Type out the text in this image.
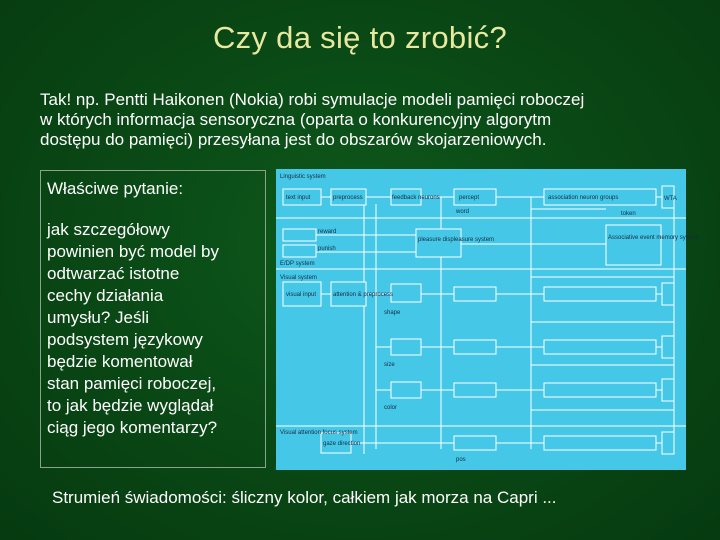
Czy da się to zrobić?
Tak! np. Pentti Haikonen (Nokia) robi symulacje modeli pamięci roboczej
w których informacja sensoryczna (oparta o konkurencyjny algorytm
dostępu do pamięci) przesyłana jest do obszarów skojarzeniowych.
Właściwe pytanie:
jak szczegółowy
powinien być model by
odtwarzać istotne
cechy działania
umysłu? Jeśli
podsystem językowy
będzie komentował
stan pamięci roboczej,
to jak będzie wyglądał
ciąg jego komentarzy?
Linguistic system
text input	preprocess	feedback neurons	percept	association neuron groups	WTA
word	token
reward
punish
pleasure displeasure system
E/DP system
Associative event memory system
Visual system
visual input	attention & preprocess
shape
size
color
Visual attention focus system
gaze direction
pos
Strumień świadomości: śliczny kolor, całkiem jak morza na Capri ...
